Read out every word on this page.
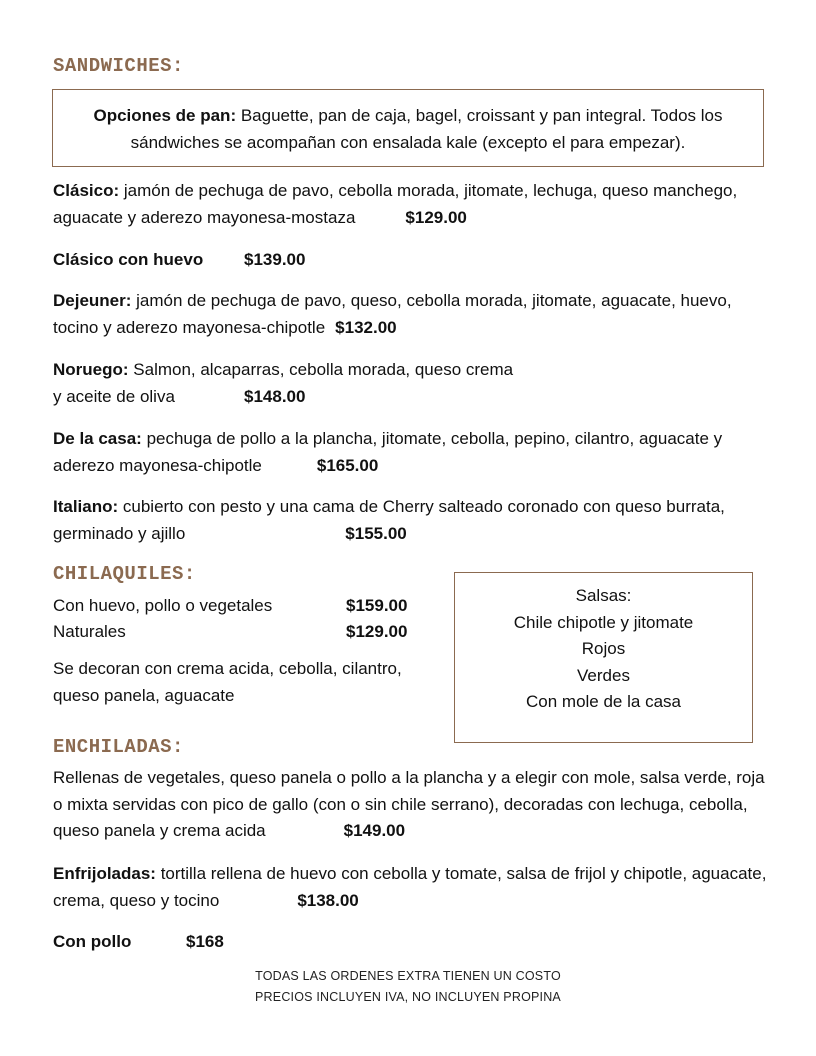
SANDWICHES:
Opciones de pan: Baguette, pan de caja, bagel, croissant y pan integral. Todos los sándwiches se acompañan con ensalada kale (excepto el para empezar).

Clásico: jamón de pechuga de pavo, cebolla morada, jitomate, lechuga, queso manchego, aguacate y aderezo mayonesa-mostaza	$129.00

Clásico con huevo $139.00

Dejeuner: jamón de pechuga de pavo, queso, cebolla morada, jitomate, aguacate, huevo, tocino y aderezo mayonesa-chipotle $132.00

Noruego: Salmon, alcaparras, cebolla morada, queso crema
y aceite de oliva	$148.00

De la casa: pechuga de pollo a la plancha, jitomate, cebolla, pepino, cilantro, aguacate y aderezo mayonesa-chipotle	$165.00

Italiano: cubierto con pesto y una cama de Cherry salteado coronado con queso burrata, germinado y ajillo	$155.00

CHILAQUILES:
Con huevo, pollo o vegetales	$159.00
Naturales	$129.00

Se decoran con crema acida, cebolla, cilantro,
queso panela, aguacate

Salsas:
Chile chipotle y jitomate
Rojos
Verdes
Con mole de la casa
ENCHILADAS:

Rellenas de vegetales, queso panela o pollo a la plancha y a elegir con mole, salsa verde, roja o mixta servidas con pico de gallo (con o sin chile serrano), decoradas con lechuga, cebolla, queso panela y crema acida	$149.00

Enfrijoladas: tortilla rellena de huevo con cebolla y tomate, salsa de frijol y chipotle, aguacate, crema, queso y tocino	$138.00

Con pollo	$168

TODAS LAS ORDENES EXTRA TIENEN UN COSTO
PRECIOS INCLUYEN IVA, NO INCLUYEN PROPINA
